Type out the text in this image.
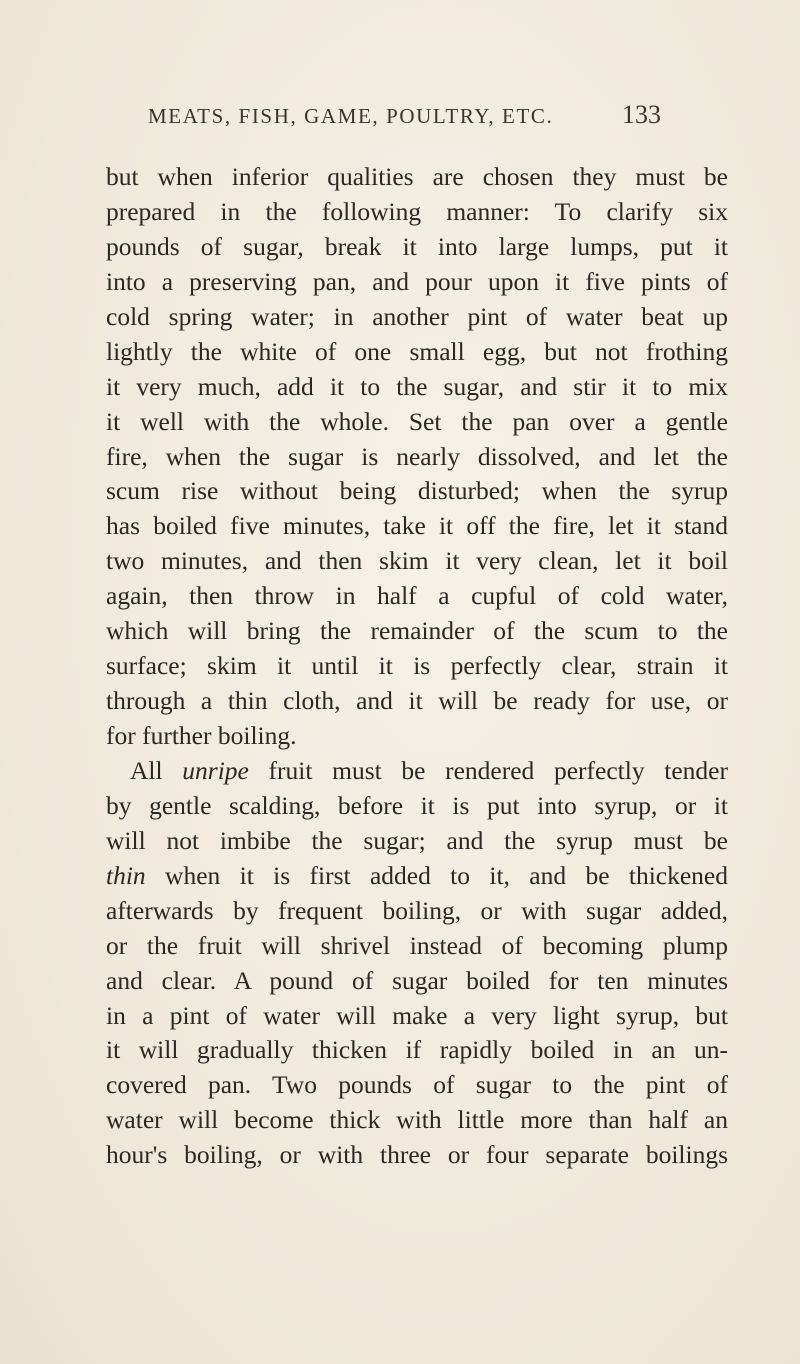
MEATS, FISH, GAME, POULTRY, ETC.	133
but when inferior qualities are chosen they must be
prepared in the following manner: To clarify six
pounds of sugar, break it into large lumps, put it
into a preserving pan, and pour upon it five pints of
cold spring water; in another pint of water beat up
lightly the white of one small egg, but not frothing
it very much, add it to the sugar, and stir it to mix
it well with the whole. Set the pan over a gentle
fire, when the sugar is nearly dissolved, and let the
scum rise without being disturbed; when the syrup
has boiled five minutes, take it off the fire, let it stand
two minutes, and then skim it very clean, let it boil
again, then throw in half a cupful of cold water,
which will bring the remainder of the scum to the
surface; skim it until it is perfectly clear, strain it
through a thin cloth, and it will be ready for use, or
for further boiling.
All unripe fruit must be rendered perfectly tender
by gentle scalding, before it is put into syrup, or it
will not imbibe the sugar; and the syrup must be
thin when it is first added to it, and be thickened
afterwards by frequent boiling, or with sugar added,
or the fruit will shrivel instead of becoming plump
and clear. A pound of sugar boiled for ten minutes
in a pint of water will make a very light syrup, but
it will gradually thicken if rapidly boiled in an un-
covered pan. Two pounds of sugar to the pint of
water will become thick with little more than half an
hour's boiling, or with three or four separate boilings
